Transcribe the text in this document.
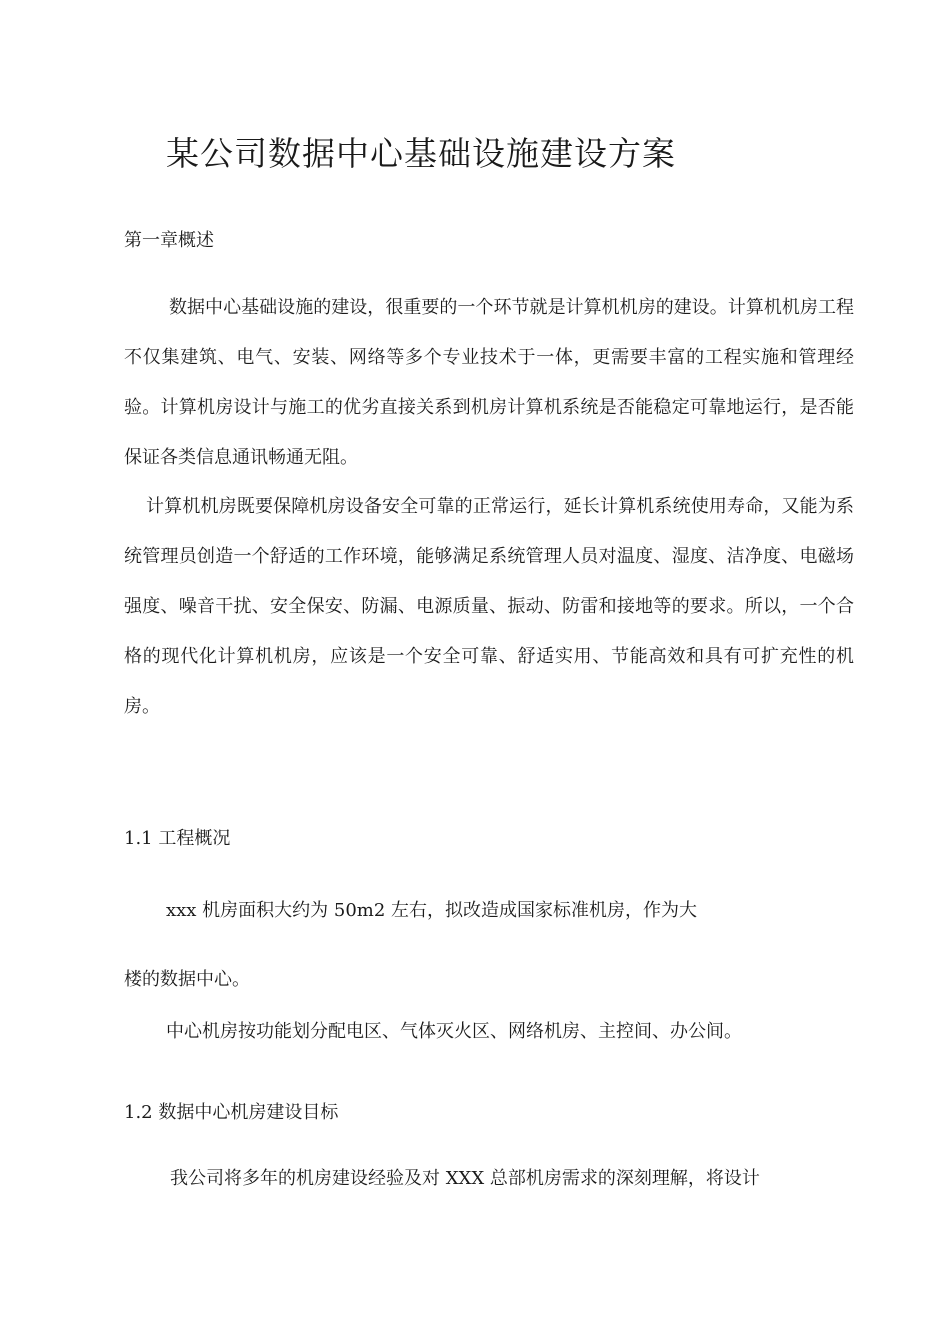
某公司数据中心基础设施建设方案
第一章概述

数据中心基础设施的建设，很重要的一个环节就是计算机机房的建设。计算机机房工程不仅集建筑、电气、安装、网络等多个专业技术于一体，更需要丰富的工程实施和管理经验。计算机房设计与施工的优劣直接关系到机房计算机系统是否能稳定可靠地运行，是否能保证各类信息通讯畅通无阻。

计算机机房既要保障机房设备安全可靠的正常运行，延长计算机系统使用寿命，又能为系统管理员创造一个舒适的工作环境，能够满足系统管理人员对温度、湿度、洁净度、电磁场强度、噪音干扰、安全保安、防漏、电源质量、振动、防雷和接地等的要求。所以，一个合格的现代化计算机机房，应该是一个安全可靠、舒适实用、节能高效和具有可扩充性的机房。

1.1 工程概况

xxx 机房面积大约为 50m2 左右，拟改造成国家标准机房，作为大

楼的数据中心。

中心机房按功能划分配电区、气体灭火区、网络机房、主控间、办公间。

1.2 数据中心机房建设目标

我公司将多年的机房建设经验及对 XXX 总部机房需求的深刻理解，将设计
